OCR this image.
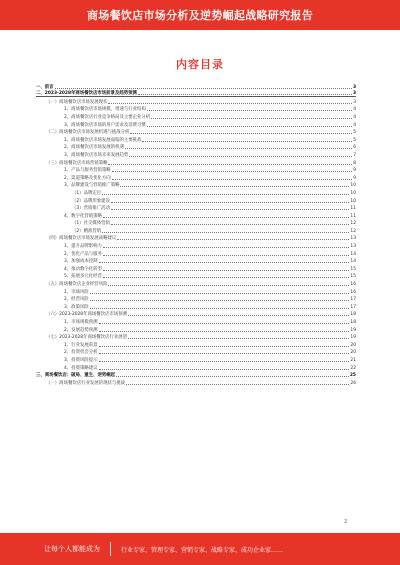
商场餐饮店市场分析及逆势崛起战略研究报告
内容目录
一、前言	3
二、2023-2028年商场餐饮店市场前景及趋势预测	3
（一）商场餐饮店市场发展现状	3
1、商场餐饮店市场规模，增速与行业结构	4
2、商场餐饮店行业竞争格局及主要企业分析	4
3、商场餐饮店市场的用户需求及消费习惯	4
（二）商场餐饮店市场发展机遇与挑战分析	5
1、商场餐饮店市场发展面临的主要挑战	5
2、商场餐饮店市场发展的机遇	6
3、商场餐饮店市场未来发展趋势	7
（三）商场餐饮店市场营销策略	8
1、产品与服务营销策略	9
2、渠道策略及优化方向	9
3、品牌建设与营销推广策略	10
（1）品牌定位	10
（2）品牌形象建设	10
（3）营销推广活动	11
4、数字化营销策略	11
（1）社交媒体营销	12
（2）精准营销	12
（四）商场餐饮店市场发展战略建议	13
1、提升品牌影响力	13
2、优化产品与服务	14
3、加强成本控制	14
4、推动数字化转型	15
5、拓展多元化经营	15
（五）商场餐饮店企业经营风险	16
1、市场风险	16
2、经营风险	17
3、政策风险	17
（六）2023-2028年商场餐饮店市场预测	18
1、市场规模预测	18
2、发展趋势预测	19
（七）2023-2028年商场餐饮店行业展望	19
1、行业发展前景	20
2、投资机会分析	20
3、投资风险提示	21
4、投资策略建议	22
三、商场餐饮店：破局、重生、逆势崛起	25
（一）商场餐饮店行业发展的现状与挑战	26
2
让每个人都能成为	行业专家、管理专家、营销专家、战略专家、成功企业家……
